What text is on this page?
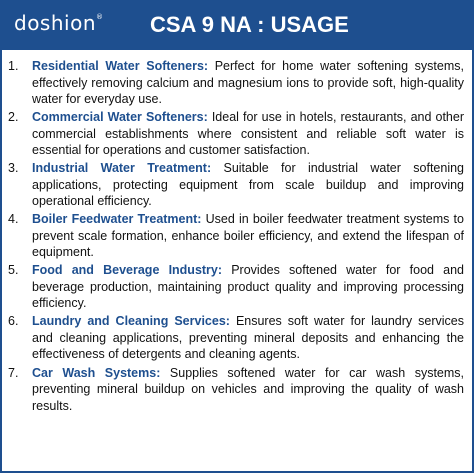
doshion® CSA 9 NA : USAGE
1. Residential Water Softeners: Perfect for home water softening systems, effectively removing calcium and magnesium ions to provide soft, high-quality water for everyday use.
2. Commercial Water Softeners: Ideal for use in hotels, restaurants, and other commercial establishments where consistent and reliable soft water is essential for operations and customer satisfaction.
3. Industrial Water Treatment: Suitable for industrial water softening applications, protecting equipment from scale buildup and improving operational efficiency.
4. Boiler Feedwater Treatment: Used in boiler feedwater treatment systems to prevent scale formation, enhance boiler efficiency, and extend the lifespan of equipment.
5. Food and Beverage Industry: Provides softened water for food and beverage production, maintaining product quality and improving processing efficiency.
6. Laundry and Cleaning Services: Ensures soft water for laundry services and cleaning applications, preventing mineral deposits and enhancing the effectiveness of detergents and cleaning agents.
7. Car Wash Systems: Supplies softened water for car wash systems, preventing mineral buildup on vehicles and improving the quality of wash results.
